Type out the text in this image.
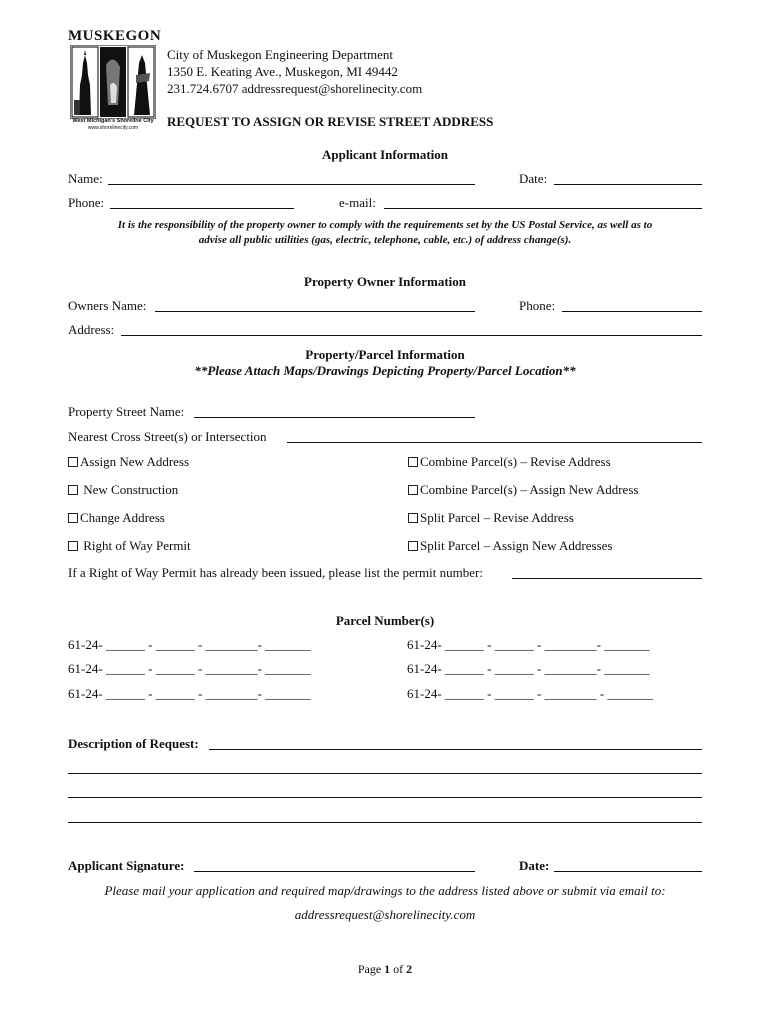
MUSKEGON
West Michigan's Shoreline City
www.shorelinecity.com
City of Muskegon Engineering Department
1350 E. Keating Ave., Muskegon, MI 49442
231.724.6707 addressrequest@shorelinecity.com
REQUEST TO ASSIGN OR REVISE STREET ADDRESS
Applicant Information
Name:	Date:
Phone:	e-mail:
It is the responsibility of the property owner to comply with the requirements set by the US Postal Service, as well as to
advise all public utilities (gas, electric, telephone, cable, etc.) of address change(s).
Property Owner Information
Owners Name:	Phone:
Address:
Property/Parcel Information
**Please Attach Maps/Drawings Depicting Property/Parcel Location**
Property Street Name:
Nearest Cross Street(s) or Intersection
Assign New Address
New Construction
Change Address
Right of Way Permit
Combine Parcel(s) – Revise Address
Combine Parcel(s) – Assign New Address
Split Parcel – Revise Address
Split Parcel – Assign New Addresses
If a Right of Way Permit has already been issued, please list the permit number:
Parcel Number(s)
61-24- ______ - ______ - ________- _______
61-24- ______ - ______ - ________- _______
61-24- ______ - ______ - ________- _______
61-24- ______ - ______ - ________- _______
61-24- ______ - ______ - ________- _______
61-24- ______ - ______ - ________ - _______
Description of Request:
Applicant Signature:	Date:
Please mail your application and required map/drawings to the address listed above or submit via email to:
addressrequest@shorelinecity.com
Page 1 of 2
